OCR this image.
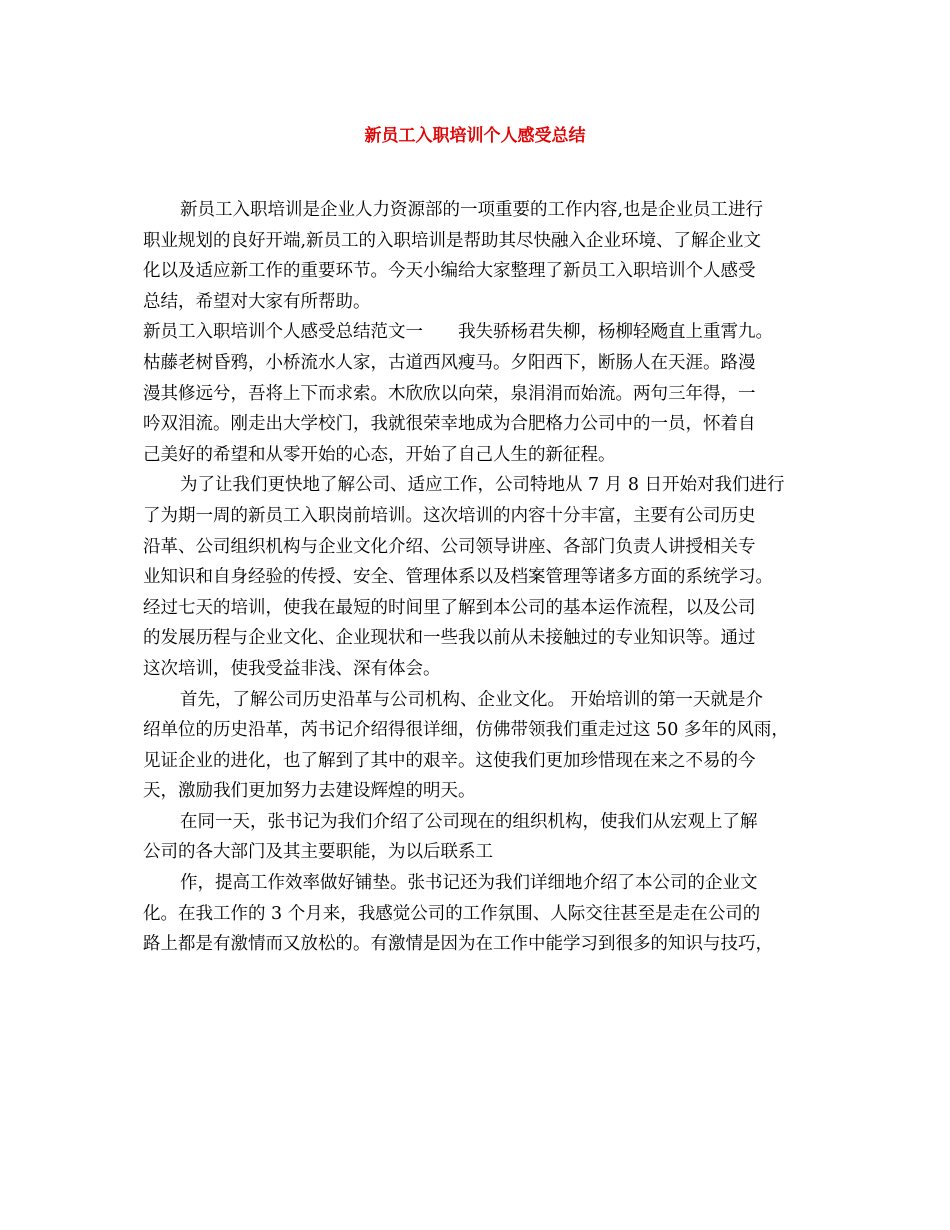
新员工入职培训个人感受总结

新员工入职培训是企业人力资源部的一项重要的工作内容,也是企业员工进行

职业规划的良好开端,新员工的入职培训是帮助其尽快融入企业环境、了解企业文

化以及适应新工作的重要环节。今天小编给大家整理了新员工入职培训个人感受

总结，希望对大家有所帮助。

新员工入职培训个人感受总结范文一　　我失骄杨君失柳，杨柳轻飏直上重霄九。

枯藤老树昏鸦，小桥流水人家，古道西风瘦马。夕阳西下，断肠人在天涯。路漫

漫其修远兮，吾将上下而求索。木欣欣以向荣，泉涓涓而始流。两句三年得，一

吟双泪流。刚走出大学校门，我就很荣幸地成为合肥格力公司中的一员，怀着自

己美好的希望和从零开始的心态，开始了自己人生的新征程。

为了让我们更快地了解公司、适应工作，公司特地从 7 月 8 日开始对我们进行

了为期一周的新员工入职岗前培训。这次培训的内容十分丰富，主要有公司历史

沿革、公司组织机构与企业文化介绍、公司领导讲座、各部门负责人讲授相关专

业知识和自身经验的传授、安全、管理体系以及档案管理等诸多方面的系统学习。

经过七天的培训，使我在最短的时间里了解到本公司的基本运作流程，以及公司

的发展历程与企业文化、企业现状和一些我以前从未接触过的专业知识等。通过

这次培训，使我受益非浅、深有体会。

首先，了解公司历史沿革与公司机构、企业文化。 开始培训的第一天就是介

绍单位的历史沿革，芮书记介绍得很详细，仿佛带领我们重走过这 50 多年的风雨，

见证企业的进化，也了解到了其中的艰辛。这使我们更加珍惜现在来之不易的今

天，激励我们更加努力去建设辉煌的明天。

在同一天，张书记为我们介绍了公司现在的组织机构，使我们从宏观上了解

公司的各大部门及其主要职能，为以后联系工

作，提高工作效率做好铺垫。张书记还为我们详细地介绍了本公司的企业文

化。在我工作的 3 个月来，我感觉公司的工作氛围、人际交往甚至是走在公司的

路上都是有激情而又放松的。有激情是因为在工作中能学习到很多的知识与技巧，
